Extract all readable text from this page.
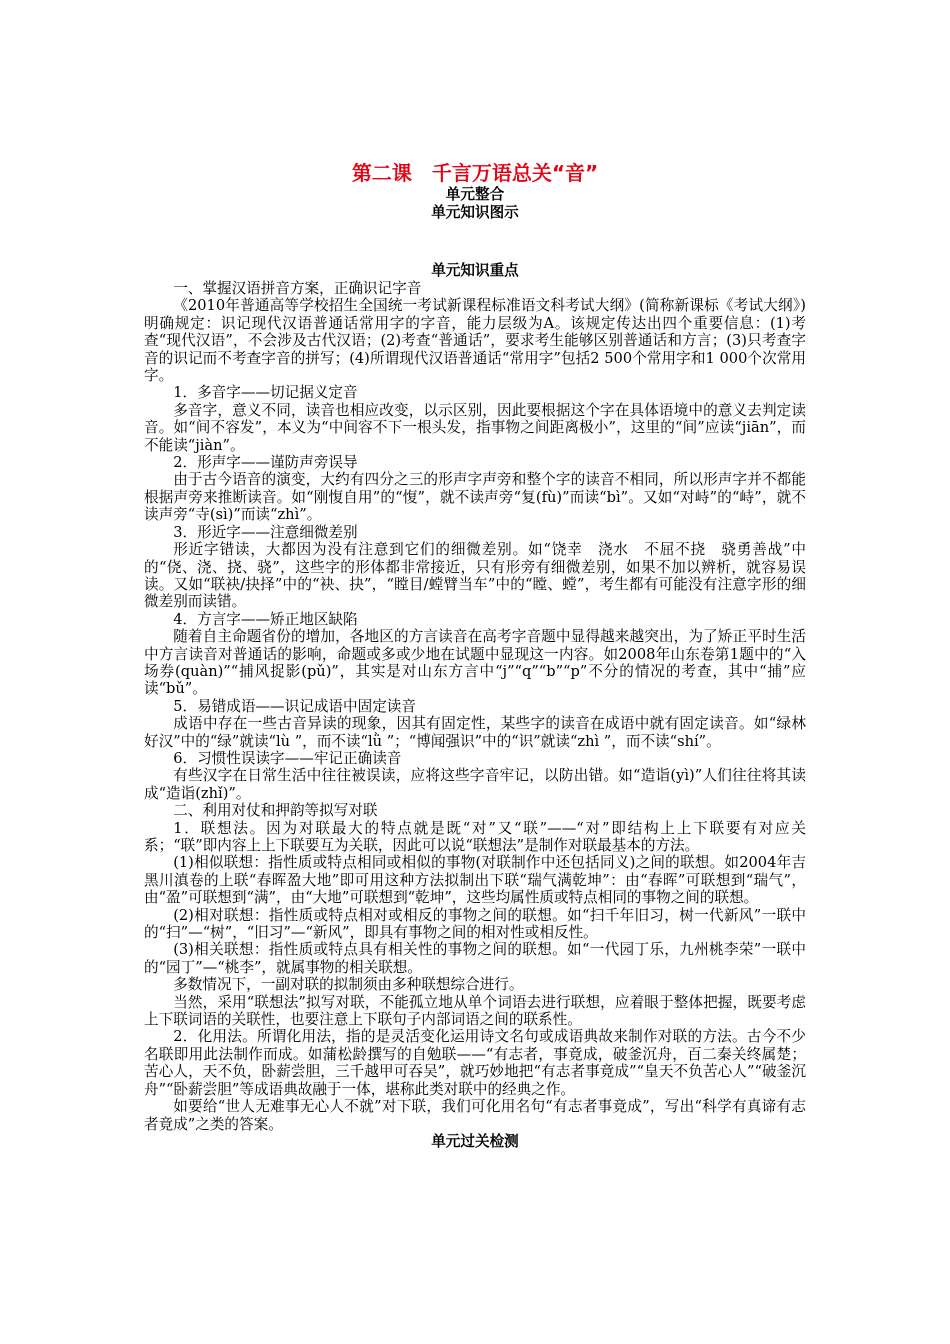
第二课　千言万语总关“音”
单元整合
单元知识图示
单元知识重点

一、掌握汉语拼音方案，正确识记字音

《2010年普通高等学校招生全国统一考试新课程标准语文科考试大纲》(简称新课标《考试大纲》)明确规定：识记现代汉语普通话常用字的字音，能力层级为A。该规定传达出四个重要信息：(1)考查“现代汉语”，不会涉及古代汉语；(2)考查“普通话”，要求考生能够区别普通话和方言；(3)只考查字音的识记而不考查字音的拼写；(4)所谓现代汉语普通话“常用字”包括2 500个常用字和1 000个次常用字。

1．多音字——切记据义定音

多音字，意义不同，读音也相应改变，以示区别，因此要根据这个字在具体语境中的意义去判定读音。如“间不容发”，本义为“中间容不下一根头发，指事物之间距离极小”，这里的“间”应读“jiān”，而不能读“jiàn”。

2．形声字——谨防声旁误导

由于古今语音的演变，大约有四分之三的形声字声旁和整个字的读音不相同，所以形声字并不都能根据声旁来推断读音。如“刚愎自用”的“愎”，就不读声旁“复(fù)”而读“bì”。又如“对峙”的“峙”，就不读声旁“寺(sì)”而读“zhì”。

3．形近字——注意细微差别

形近字错读，大都因为没有注意到它们的细微差别。如“饶幸　浇水　不屈不挠　骁勇善战”中的“侥、浇、挠、骁”，这些字的形体都非常接近，只有形旁有细微差别，如果不加以辨析，就容易误读。又如“联袂/抉择”中的“袂、抉”，“瞠目/螳臂当车”中的“瞠、螳”，考生都有可能没有注意字形的细微差别而读错。

4．方言字——矫正地区缺陷

随着自主命题省份的增加，各地区的方言读音在高考字音题中显得越来越突出，为了矫正平时生活中方言读音对普通话的影响，命题或多或少地在试题中显现这一内容。如2008年山东卷第1题中的“入场券(quàn)”“捕风捉影(pǔ)”，其实是对山东方言中“j”“q”“b”“p”不分的情况的考查，其中“捕”应读“bǔ”。

5．易错成语——识记成语中固定读音

成语中存在一些古音异读的现象，因其有固定性，某些字的读音在成语中就有固定读音。如“绿林好汉”中的“绿”就读“lù ”，而不读“lǜ ”；“博闻强识”中的“识”就读“zhì ”，而不读“shí”。

6．习惯性误读字——牢记正确读音

有些汉字在日常生活中往往被误读，应将这些字音牢记，以防出错。如“造诣(yì)”人们往往将其读成“造诣(zhǐ)”。

二、利用对仗和押韵等拟写对联

1．联想法。因为对联最大的特点就是既“对”又“联”——“对”即结构上上下联要有对应关系；“联”即内容上上下联要互为关联，因此可以说“联想法”是制作对联最基本的方法。

(1)相似联想：指性质或特点相同或相似的事物(对联制作中还包括同义)之间的联想。如2004年吉黑川滇卷的上联“春晖盈大地”即可用这种方法拟制出下联“瑞气满乾坤”：由“春晖”可联想到“瑞气”，由“盈”可联想到“满”，由“大地”可联想到“乾坤”，这些均属性质或特点相同的事物之间的联想。

(2)相对联想：指性质或特点相对或相反的事物之间的联想。如“扫千年旧习，树一代新风”一联中的“扫”—“树”，“旧习”—“新风”，即具有事物之间的相对性或相反性。

(3)相关联想：指性质或特点具有相关性的事物之间的联想。如“一代园丁乐，九州桃李荣”一联中的“园丁”—“桃李”，就属事物的相关联想。

多数情况下，一副对联的拟制须由多种联想综合进行。

当然，采用“联想法”拟写对联，不能孤立地从单个词语去进行联想，应着眼于整体把握，既要考虑上下联词语的关联性，也要注意上下联句子内部词语之间的联系性。

2．化用法。所谓化用法，指的是灵活变化运用诗文名句或成语典故来制作对联的方法。古今不少名联即用此法制作而成。如蒲松龄撰写的自勉联——“有志者，事竟成，破釜沉舟，百二秦关终属楚；苦心人，天不负，卧薪尝胆，三千越甲可吞吴”，就巧妙地把“有志者事竟成”“皇天不负苦心人”“破釜沉舟”“卧薪尝胆”等成语典故融于一体，堪称此类对联中的经典之作。

如要给“世人无难事无心人不就”对下联，我们可化用名句“有志者事竟成”，写出“科学有真谛有志者竟成”之类的答案。

单元过关检测
